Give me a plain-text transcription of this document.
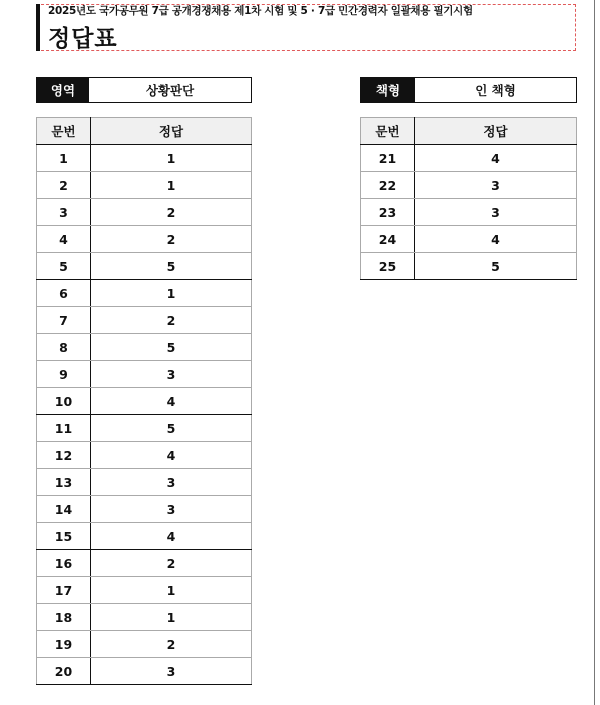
2025년도 국가공무원 7급 공개경쟁채용 제1차 시험 및 5 · 7급 민간경력자 일괄채용 필기시험
정답표
영역	상황판단	책형	인 책형
문번	정답
1	1
2	1
3	2
4	2
5	5
6	1
7	2
8	5
9	3
10	4
11	5
12	4
13	3
14	3
15	4
16	2
17	1
18	1
19	2
20	3
문번	정답
21	4
22	3
23	3
24	4
25	5
